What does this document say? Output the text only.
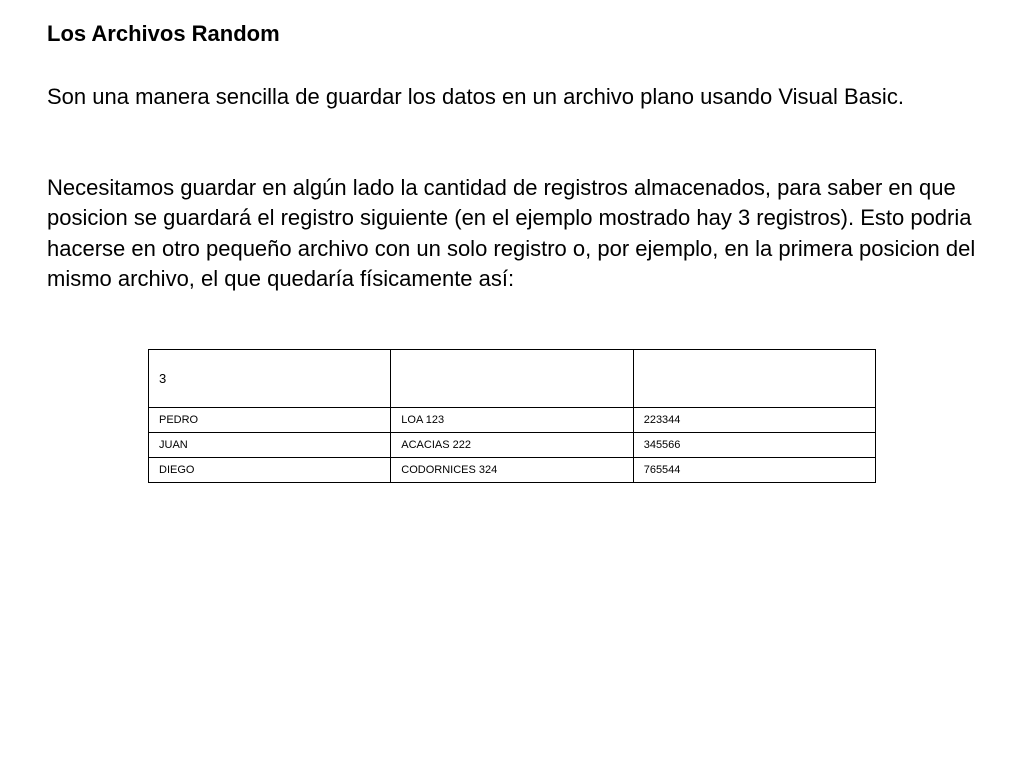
Los Archivos Random

Son una manera sencilla de guardar los datos en un archivo plano usando Visual Basic.

Necesitamos guardar en algún lado la cantidad de registros almacenados, para saber en que posicion se guardará el registro siguiente (en el ejemplo mostrado hay 3 registros). Esto podria hacerse en otro pequeño archivo con un solo registro o, por ejemplo, en la primera posicion del mismo archivo, el que quedaría físicamente así:

3		
PEDRO	LOA 123	223344
JUAN	ACACIAS 222	345566
DIEGO	CODORNICES 324	765544
